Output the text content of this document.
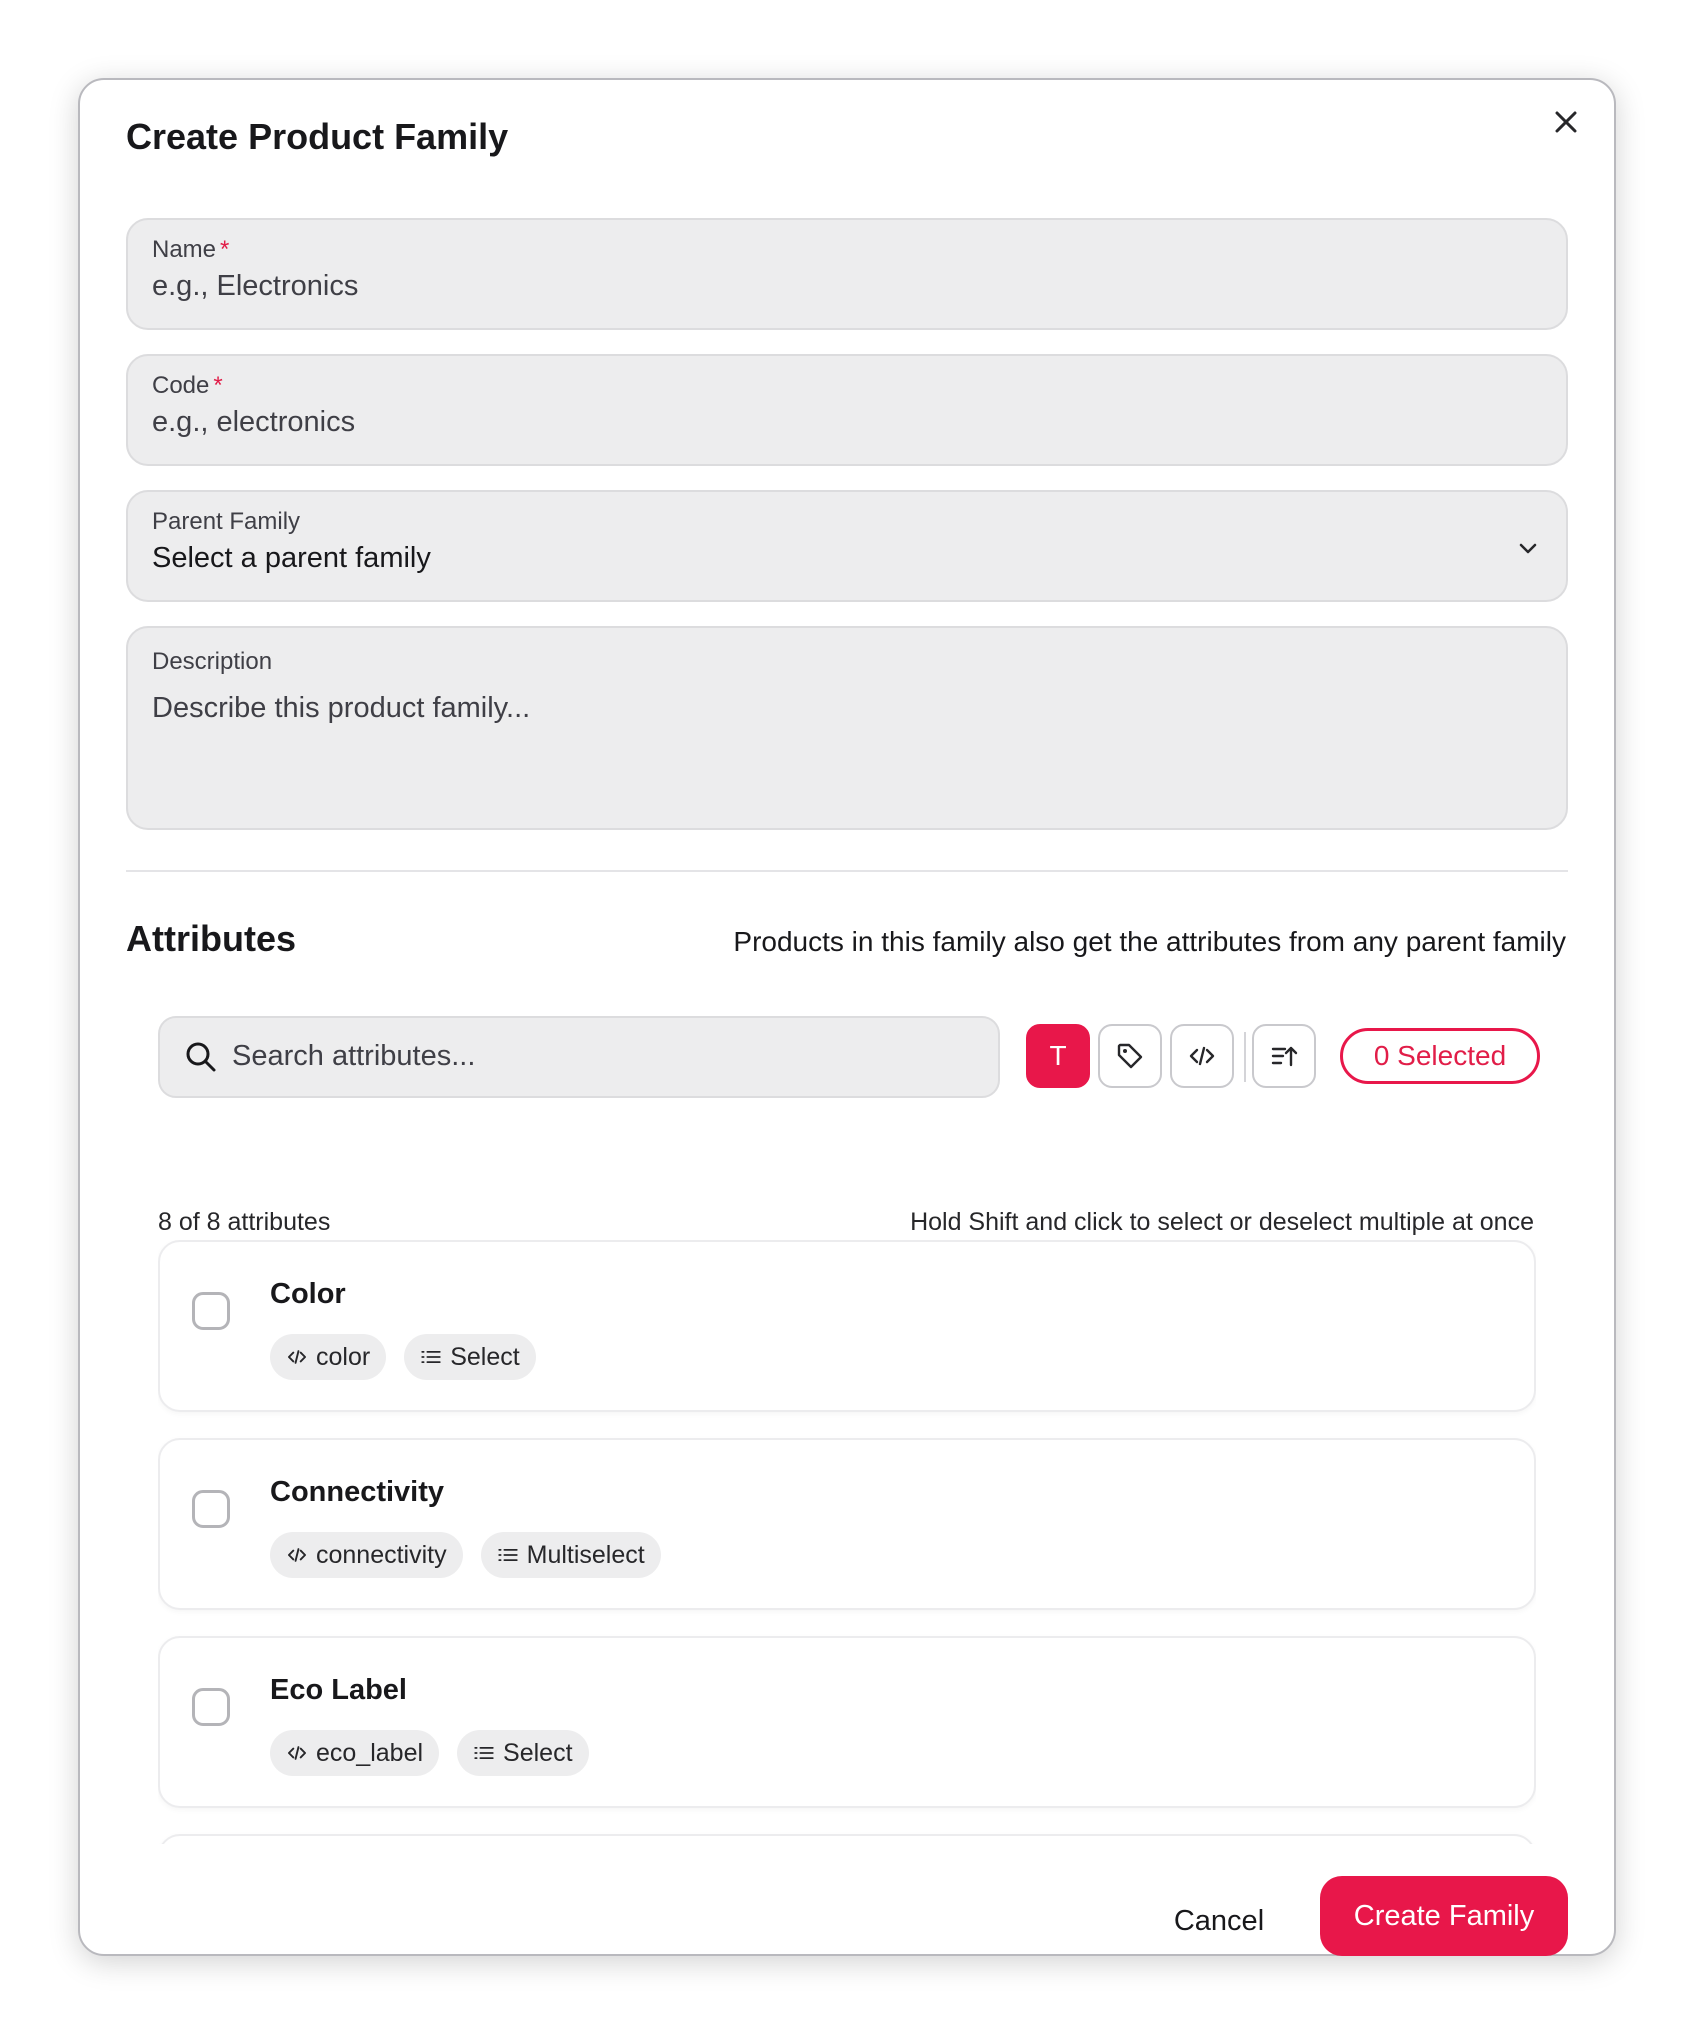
Create Product Family
Name *
e.g., Electronics
Code *
e.g., electronics
Parent Family
Select a parent family
Description
Describe this product family...
Attributes	Products in this family also get the attributes from any parent family
Search attributes...	T	0 Selected
8 of 8 attributes	Hold Shift and click to select or deselect multiple at once
Color
color	Select
Connectivity
connectivity	Multiselect
Eco Label
eco_label	Select
Cancel	Create Family
